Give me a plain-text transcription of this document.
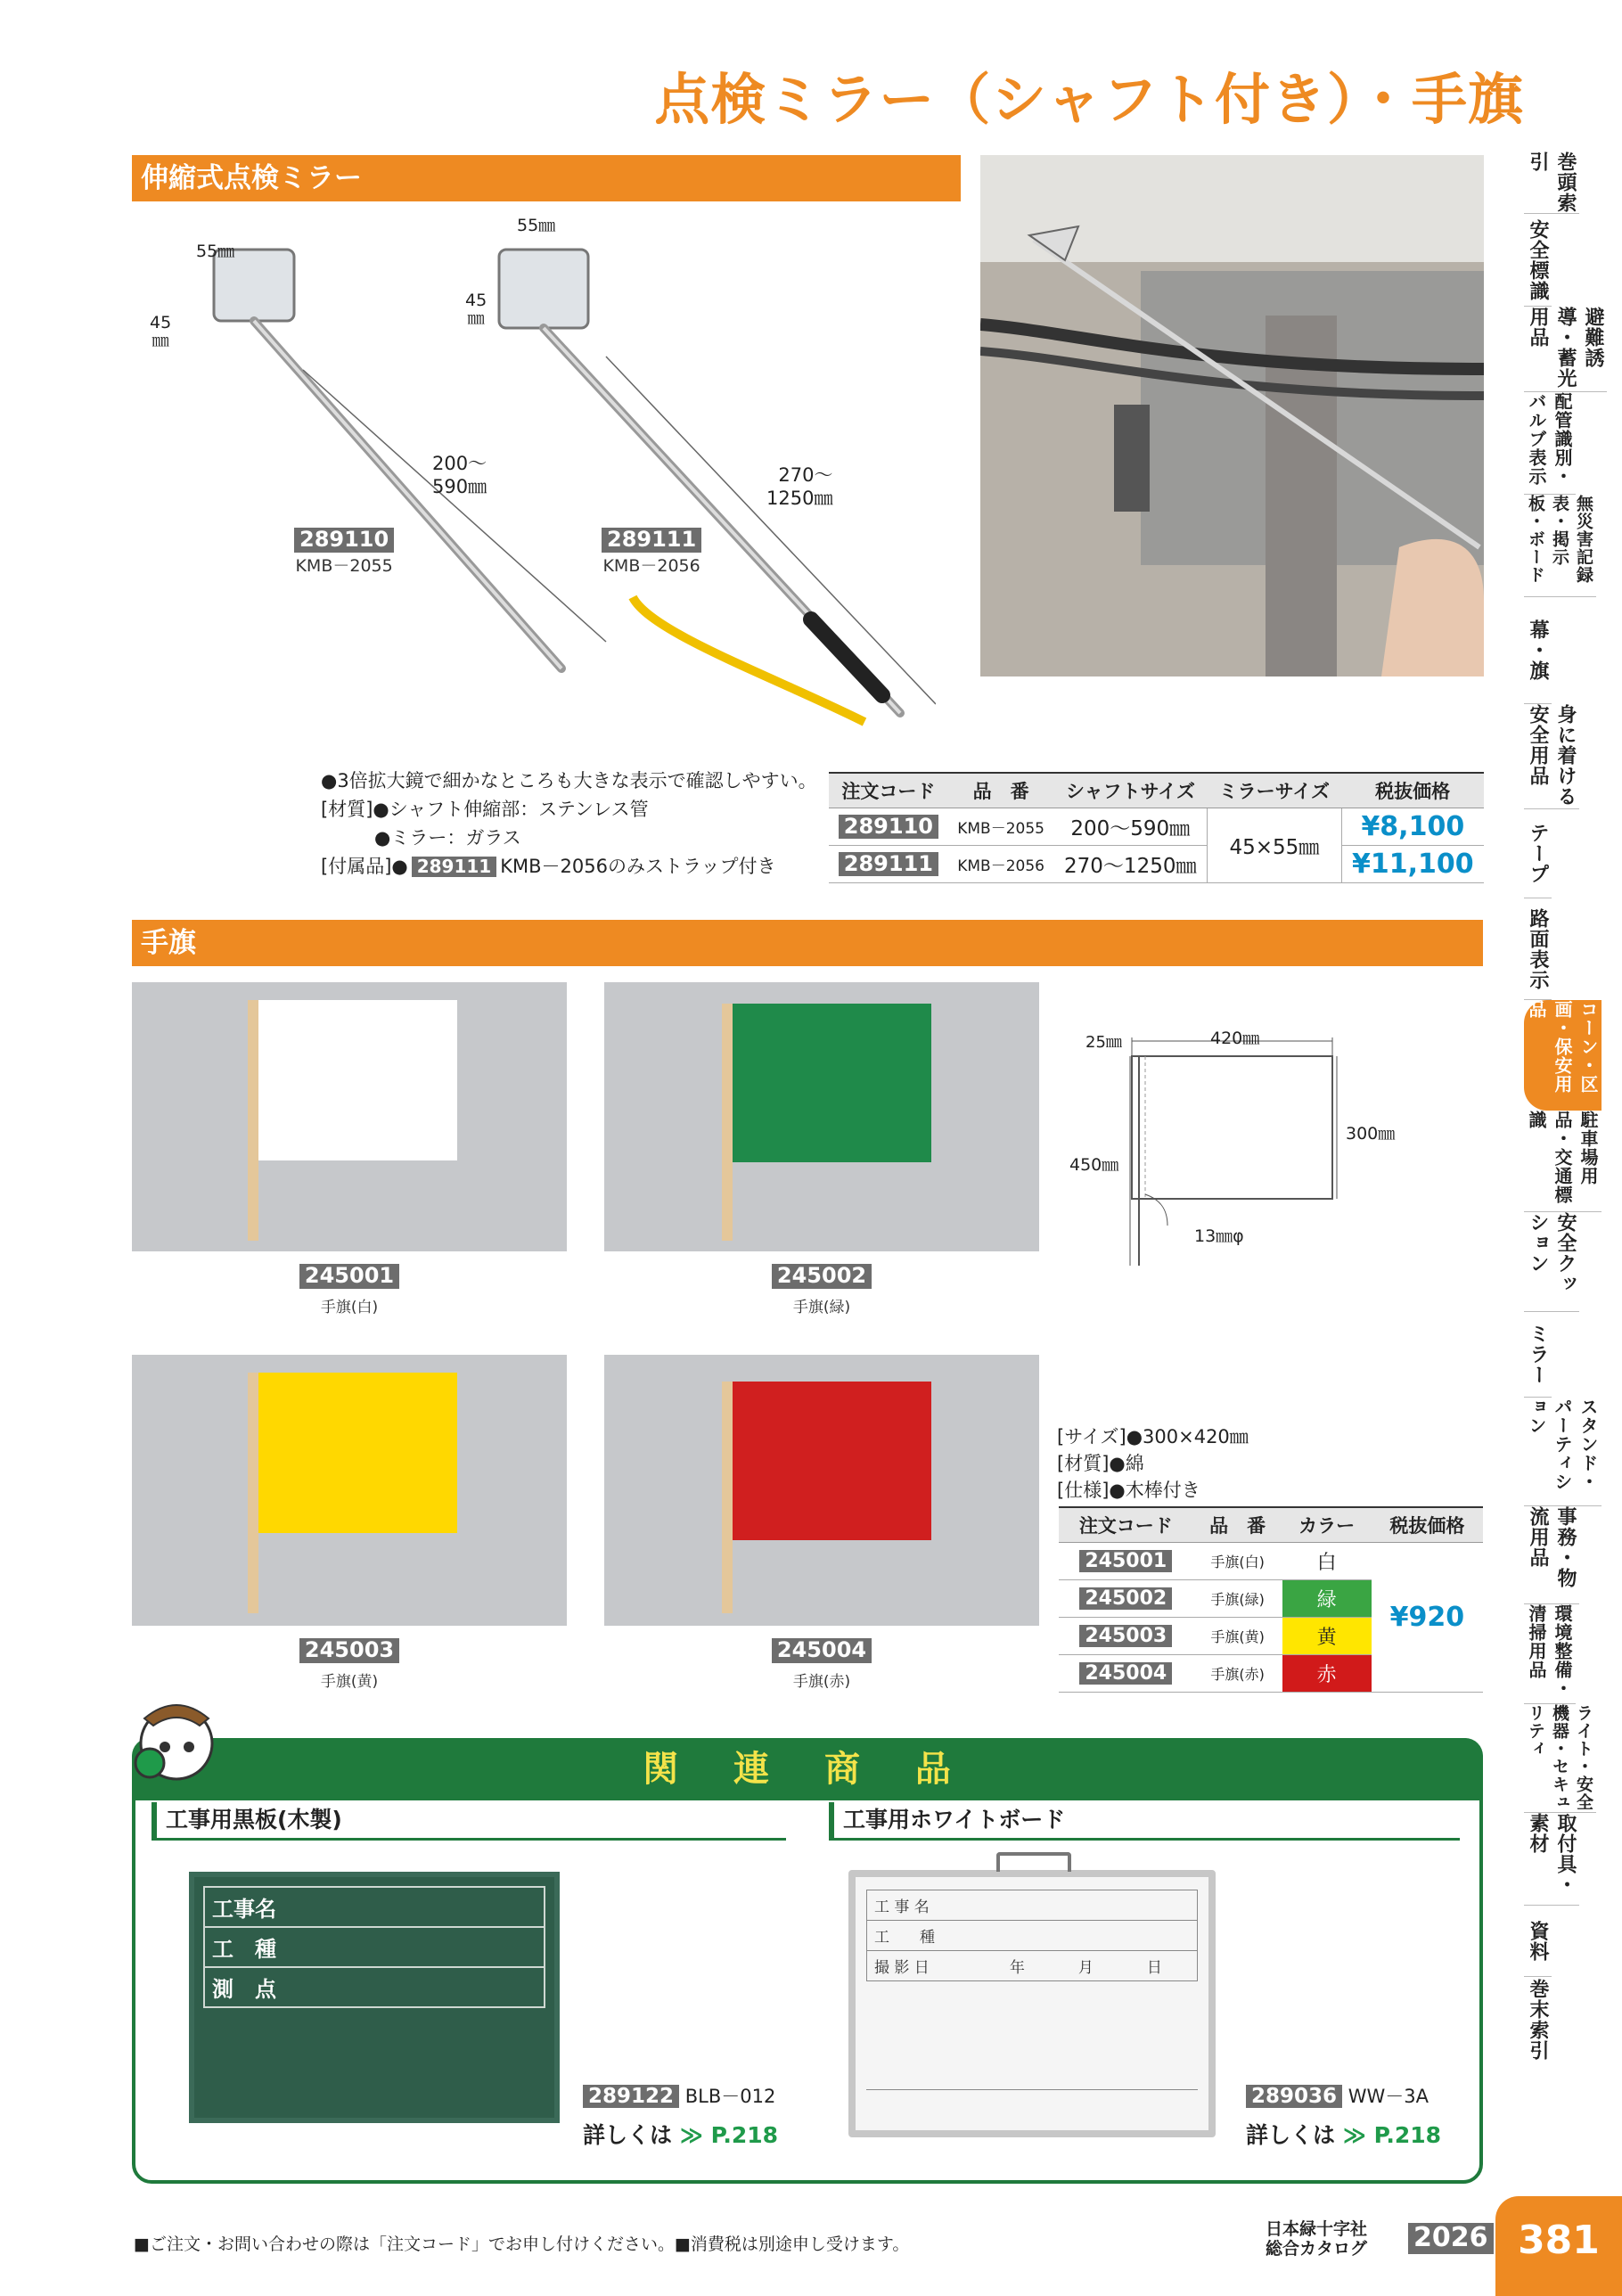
点検ミラー（シャフト付き）・手旗
伸縮式点検ミラー
55㎜
45
㎜
200～
590㎜
55㎜
45
㎜
270～
1250㎜
289110
KMB－2055
289111
KMB－2056
●3倍拡大鏡で細かなところも大きな表示で確認しやすい。
[材質]●シャフト伸縮部：ステンレス管
●ミラー：ガラス
[付属品]● 289111 KMB－2056のみストラップ付き
注文コード	品　番	シャフトサイズ	ミラーサイズ	税抜価格
289110	KMB－2055	200～590㎜	45×55㎜	¥8,100
289111	KMB－2056	270～1250㎜		¥11,100
手旗
245001
手旗(白)
245002
手旗(緑)
245003
手旗(黄)
245004
手旗(赤)
25㎜	420㎜
300㎜
450㎜
13㎜φ
[サイズ]●300×420㎜
[材質]●綿
[仕様]●木棒付き
注文コード	品　番	カラー	税抜価格
245001	手旗(白)	白	¥920
245002	手旗(緑)	緑	
245003	手旗(黄)	黄	
245004	手旗(赤)	赤	
関 連 商 品
工事用黒板(木製)	工事用ホワイトボード
工事名
工　種
測　点
289122 BLB－012
詳しくは ≫ P.218
工 事 名
工　　種
撮 影 日	年	月	日
289036 WW－3A
詳しくは ≫ P.218
巻頭索引
安全標識
避難誘導・蓄光用品
配管識別・バルブ表示
無災害記録表・掲示板・ボード
幕・旗
身に着ける安全用品
テープ
路面表示
コーン・区画・保安用品
駐車場用品・交通標識
安全クッション
ミラー
スタンド・パーティション
事務・物流用品
環境整備・清掃用品
ライト・安全機器・セキュリティ
取付具・素材
資料
巻末索引
■ご注文・お問い合わせの際は「注文コード」でお申し付けください。■消費税は別途申し受けます。
日本緑十字社
総合カタログ 2026 381
